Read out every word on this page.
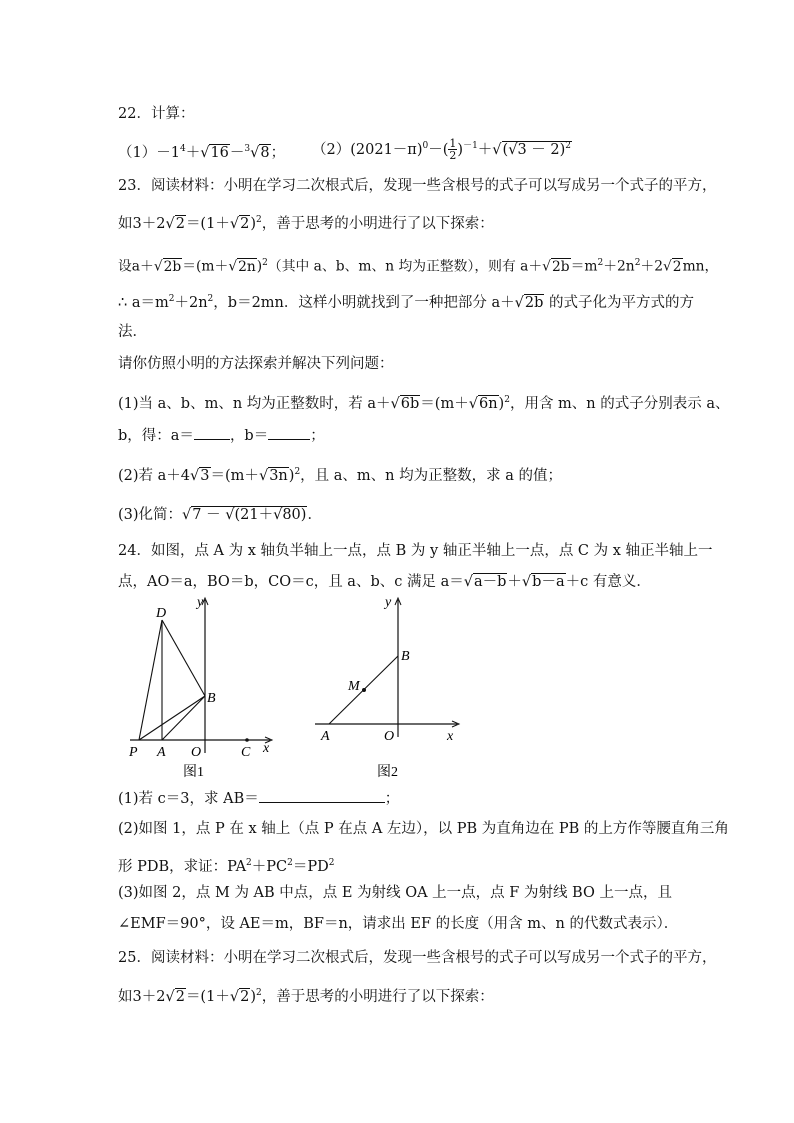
22．计算：
$(1)-1^4+√16-^3√8$； $(2)(2021-\pi)^0-( \frac{1}{2} )^{-1}+√(√3 - 2)^2$
23．阅读材料：小明在学习二次根式后，发现一些含根号的式子可以写成另一个式子的平方，
如$3+2√2=(1+√2)^2$，善于思考的小明进行了以下探索：
设$a+√2b=(m+√2n)^2$（其中 a、b、m、n 均为正整数），则有 $a+√2b=m^2+2n^2+2√2mn$，
∴ $a=m^2+2n^2$，b＝2mn．这样小明就找到了一种把部分 a＋√2b 的式子化为平方式的方
法．
请你仿照小明的方法探索并解决下列问题：
(1)当 a、b、m、n 均为正整数时，若 $a+√6b=(m+√6n)^2$，用含 m、n 的式子分别表示 a、
b，得：a＝ ，b＝	；
(2)若 $a+4√3=(m+√3n)^2$，且 a、m、n 均为正整数，求 a 的值；
(3)化简：√7 － √(21＋√80)．
24．如图，点 A 为 x 轴负半轴上一点，点 B 为 y 轴正半轴上一点，点 C 为 x 轴正半轴上一
点，AO＝a，BO＝b，CO＝c，且 a、b、c 满足 a＝√a－b＋√b－a＋c 有意义．
y
x
D
B
P A O	C
图1
y
x
B
M
A	O
图2
(1)若 c＝3，求 AB＝	；
(2)如图 1，点 P 在 x 轴上（点 P 在点 A 左边），以 PB 为直角边在 PB 的上方作等腰直角三角
形 PDB，求证：$PA^2+PC^2=PD^2$
(3)如图 2，点 M 为 AB 中点，点 E 为射线 OA 上一点，点 F 为射线 BO 上一点，且
∠EMF＝90°，设 AE＝m，BF＝n，请求出 EF 的长度（用含 m、n 的代数式表示）．
25．阅读材料：小明在学习二次根式后，发现一些含根号的式子可以写成另一个式子的平方，
如$3+2√2=(1+√2)^2$，善于思考的小明进行了以下探索：
